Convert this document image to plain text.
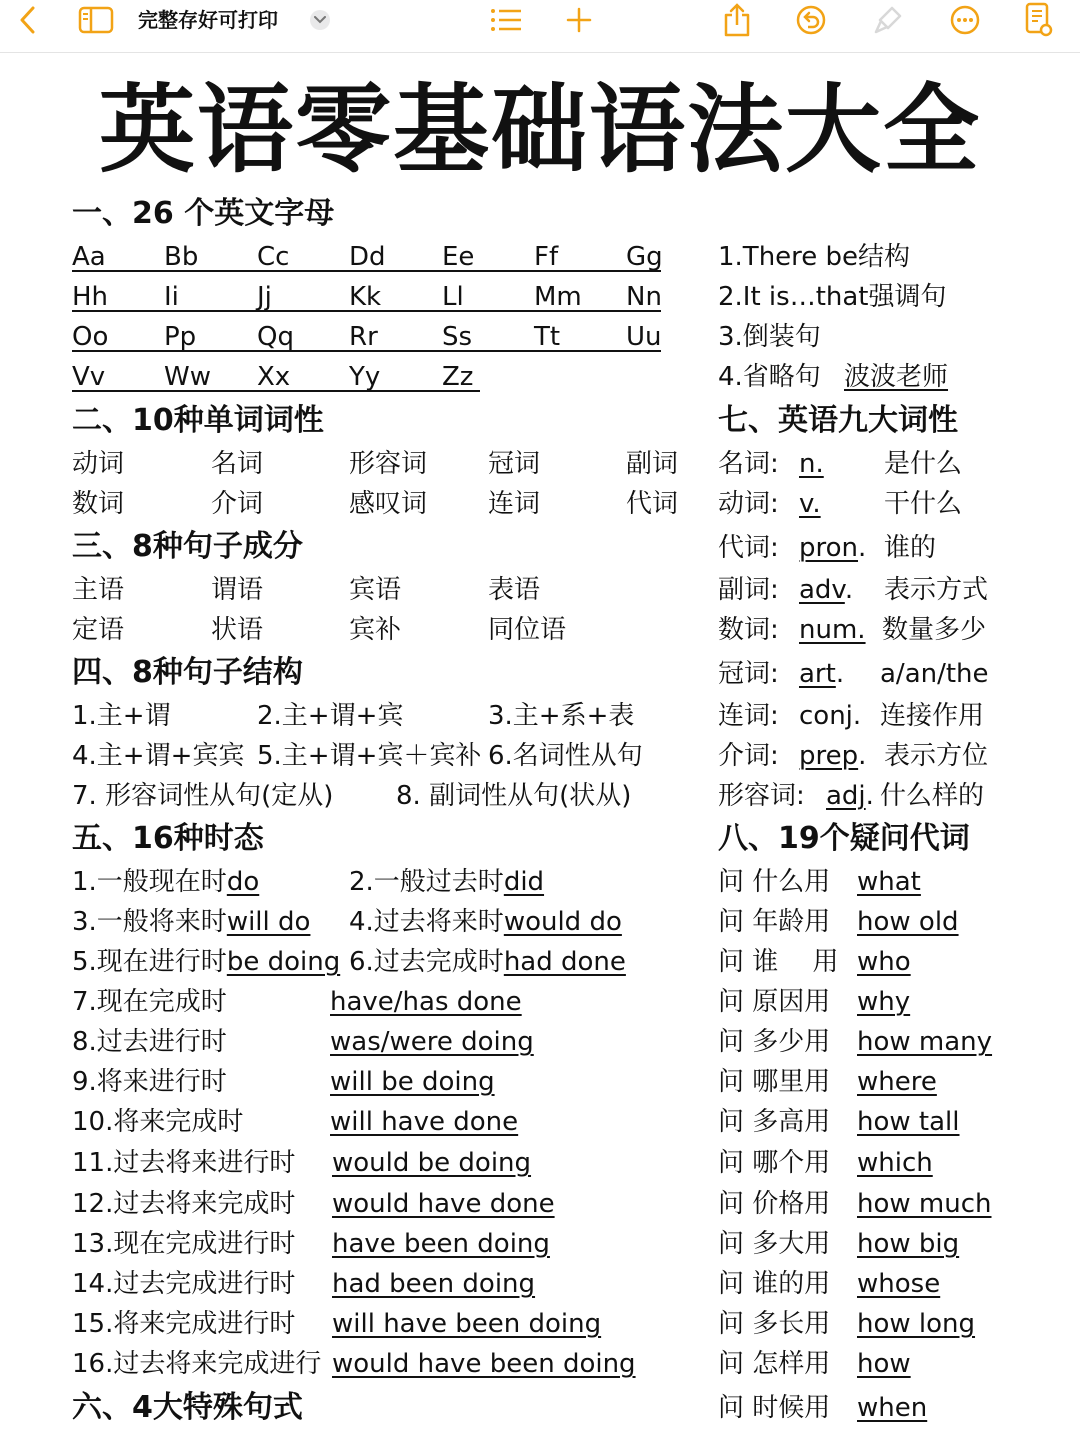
完整存好可打印
英语零基础语法大全
一、26 个英文字母
Aa Bb Cc Dd Ee Ff	Gg
Hh Ii	Jj	Kk Ll	Mm Nn
Oo Pp Qq Rr Ss Tt	Uu
Vv Ww Xx Yy Zz
二、10种单词词性
动词	名词	形容词 冠词	副词
数词	介词	感叹词 连词	代词
三、8种句子成分
主语	谓语	宾语	表语
定语	状语	宾补	同位语
四、8种句子结构
1.主+谓	2.主+谓+宾	3.主+系+表
4.主+谓+宾宾 5.主+谓+宾＋宾补 6.名词性从句
7. 形容词性从句(定从) 8. 副词性从句(状从)
五、16种时态
1.一般现在时do	2.一般过去时did
3.一般将来时will do 4.过去将来时would do
5.现在进行时be doing 6.过去完成时had done
7.现在完成时	have/has done
8.过去进行时	was/were doing
9.将来进行时	will be doing
10.将来完成时	will have done
11.过去将来进行时 would be doing
12.过去将来完成时 would have done
13.现在完成进行时 have been doing
14.过去完成进行时 had been doing
15.将来完成进行时 will have been doing
16.过去将来完成进行 would have been doing
六、4大特殊句式
1.There be结构
2.It is…that强调句
3.倒装句
4.省略句 波波老师
七、英语九大词性
名词: n. 是什么
动词: v. 干什么
代词: pron. 谁的
副词: adv. 表示方式
数词: num. 数量多少
冠词: art. a/an/the
连词: conj. 连接作用
介词: prep. 表示方位
形容词: adj. 什么样的
八、19个疑问代词
问 什么用 what
问 年龄用 how old
问 谁　 用 who
问 原因用 why
问 多少用 how many
问 哪里用 where
问 多高用 how tall
问 哪个用 which
问 价格用 how much
问 多大用 how big
问 谁的用 whose
问 多长用 how long
问 怎样用 how
问 时候用 when
